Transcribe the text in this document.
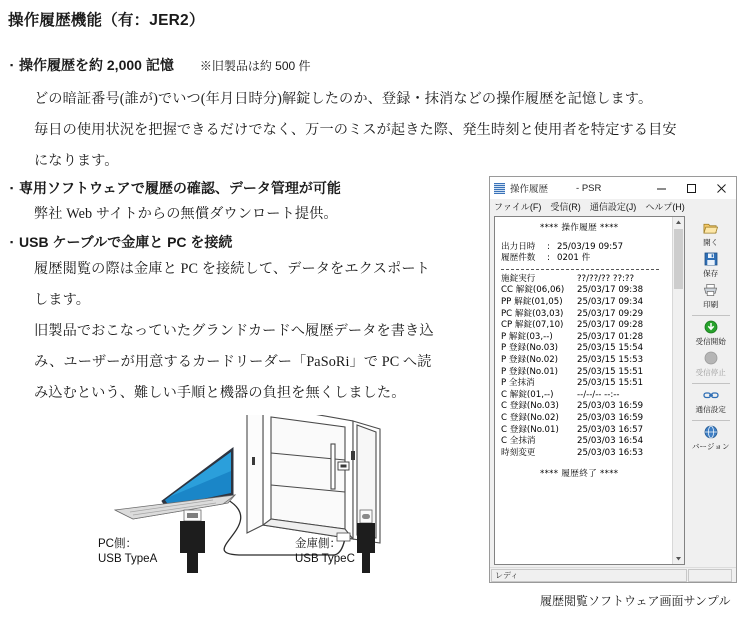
操作履歴機能（有：JER2）
▪ 操作履歴を約 2,000 記憶 ※旧製品は約 500 件
どの暗証番号(誰が)でいつ(年月日時分)解錠したのか、登録・抹消などの操作履歴を記憶します。
毎日の使用状況を把握できるだけでなく、万一のミスが起きた際、発生時刻と使用者を特定する目安
になります。
▪ 専用ソフトウェアで履歴の確認、データ管理が可能
弊社 Web サイトからの無償ダウンロート提供。
▪ USB ケーブルで金庫と PC を接続
履歴閲覧の際は金庫と PC を接続して、データをエクスポート
します。
旧製品でおこなっていたグランドカードへ履歴データを書き込
み、ユーザーが用意するカードリーダー「PaSoRi」で PC へ読
み込むという、難しい手順と機器の負担を無くしました。
PC側：
USB TypeA
金庫側：
USB TypeC
履歴閲覧ソフトウェア画面サンプル
操作履歴	- PSR
ファイル(F) 受信(R) 通信設定(J) ヘルプ(H)
**** 操作履歴 ****
出力日時 : 25/03/19 09:57
履歴件数 : 0201 件
施錠実行	??/??/?? ??:??
CC 解錠(06,06) 25/03/17 09:38
PP 解錠(01,05) 25/03/17 09:34
PC 解錠(03,03) 25/03/17 09:29
CP 解錠(07,10) 25/03/17 09:28
P 解錠(03,--)	25/03/17 01:28
P 登録(No.03) 25/03/15 15:54
P 登録(No.02) 25/03/15 15:53
P 登録(No.01) 25/03/15 15:51
P 全抹消	25/03/15 15:51
C 解錠(01,--)	--/--/-- --:--
C 登録(No.03) 25/03/03 16:59
C 登録(No.02) 25/03/03 16:59
C 登録(No.01) 25/03/03 16:57
C 全抹消	25/03/03 16:54
時刻変更	25/03/03 16:53
**** 履歴終了 ****
開く
保存
印刷
受信開始
受信停止
通信設定
バージョン
レディ
